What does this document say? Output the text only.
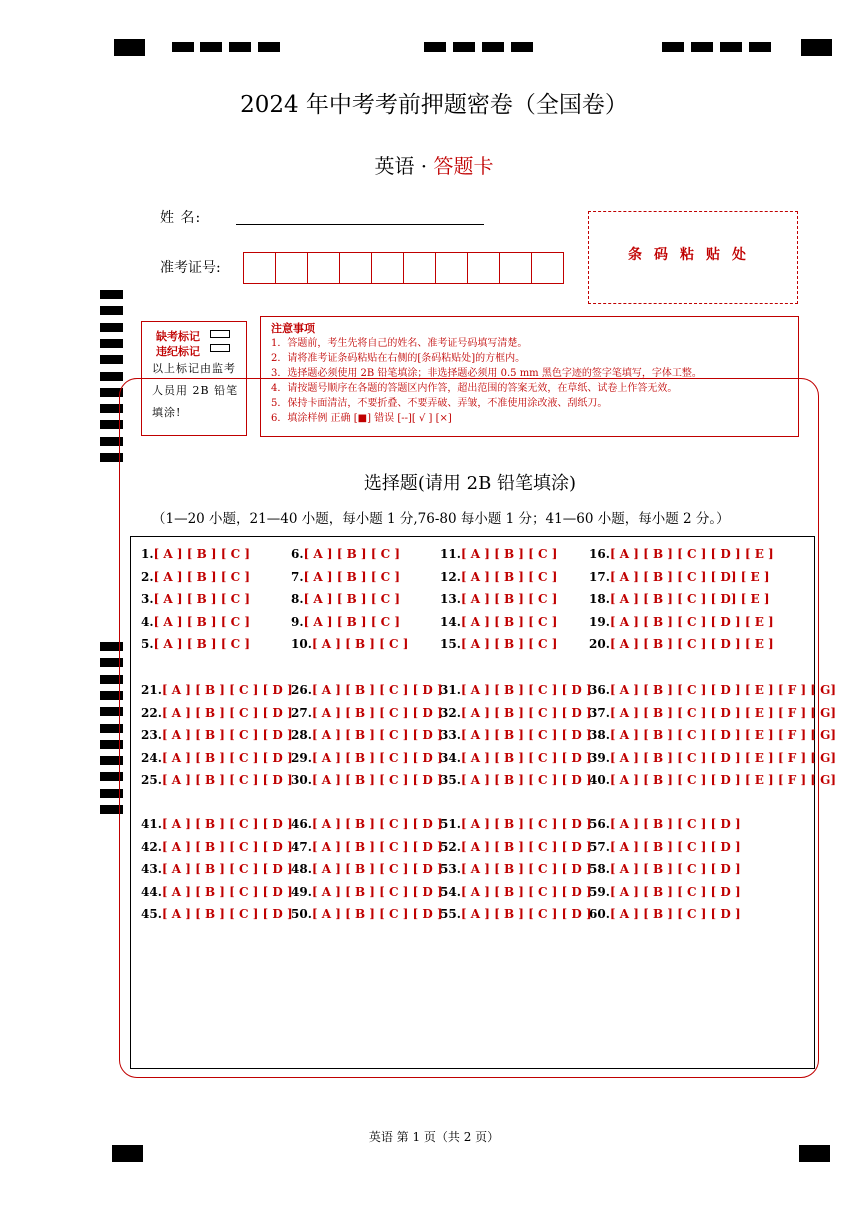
2024 年中考考前押题密卷（全国卷）
英语 · 答题卡
姓 名:
准考证号:
条码粘贴处
缺考标记
违纪标记
以上标记由监考人员用 2B 铅笔填涂!
注意事项
1．答题前，考生先将自己的姓名、准考证号码填写清楚。
2．请将准考证条码粘贴在右侧的[条码粘贴处]的方框内。
3．选择题必须使用 2B 铅笔填涂；非选择题必须用 0.5 mm 黑色字迹的签字笔填写，字体工整。
4．请按题号顺序在各题的答题区内作答，超出范围的答案无效，在草纸、试卷上作答无效。
5．保持卡面清洁，不要折叠、不要弄破、弄皱，不准使用涂改液、刮纸刀。
6．填涂样例 正确 [■] 错误 [--][ √ ] [×]
选择题(请用 2B 铅笔填涂)
（1—20 小题，21—40 小题，每小题 1 分,76-80 每小题 1 分；41—60 小题，每小题 2 分。）
1.[ A ] [ B ] [ C ]
2.[ A ] [ B ] [ C ]
3.[ A ] [ B ] [ C ]
4.[ A ] [ B ] [ C ]
5.[ A ] [ B ] [ C ]
6.[ A ] [ B ] [ C ]
7.[ A ] [ B ] [ C ]
8.[ A ] [ B ] [ C ]
9.[ A ] [ B ] [ C ]
10.[ A ] [ B ] [ C ]
11.[ A ] [ B ] [ C ]
12.[ A ] [ B ] [ C ]
13.[ A ] [ B ] [ C ]
14.[ A ] [ B ] [ C ]
15.[ A ] [ B ] [ C ]
16.[ A ] [ B ] [ C ] [ D ] [ E ]
17.[ A ] [ B ] [ C ] [ D] [ E ]
18.[ A ] [ B ] [ C ] [ D] [ E ]
19.[ A ] [ B ] [ C ] [ D ] [ E ]
20.[ A ] [ B ] [ C ] [ D ] [ E ]
21.[ A ] [ B ] [ C ] [ D ]
22.[ A ] [ B ] [ C ] [ D ]
23.[ A ] [ B ] [ C ] [ D ]
24.[ A ] [ B ] [ C ] [ D ]
25.[ A ] [ B ] [ C ] [ D ]
26.[ A ] [ B ] [ C ] [ D ]
27.[ A ] [ B ] [ C ] [ D ]
28.[ A ] [ B ] [ C ] [ D ]
29.[ A ] [ B ] [ C ] [ D ]
30.[ A ] [ B ] [ C ] [ D ]
31.[ A ] [ B ] [ C ] [ D ]
32.[ A ] [ B ] [ C ] [ D ]
33.[ A ] [ B ] [ C ] [ D ]
34.[ A ] [ B ] [ C ] [ D ]
35.[ A ] [ B ] [ C ] [ D ]
36.[ A ] [ B ] [ C ] [ D ] [ E ] [ F ] [ G]
37.[ A ] [ B ] [ C ] [ D ] [ E ] [ F ] [ G]
38.[ A ] [ B ] [ C ] [ D ] [ E ] [ F ] [ G]
39.[ A ] [ B ] [ C ] [ D ] [ E ] [ F ] [ G]
40.[ A ] [ B ] [ C ] [ D ] [ E ] [ F ] [ G]
41.[ A ] [ B ] [ C ] [ D ]
42.[ A ] [ B ] [ C ] [ D ]
43.[ A ] [ B ] [ C ] [ D ]
44.[ A ] [ B ] [ C ] [ D ]
45.[ A ] [ B ] [ C ] [ D ]
46.[ A ] [ B ] [ C ] [ D ]
47.[ A ] [ B ] [ C ] [ D ]
48.[ A ] [ B ] [ C ] [ D ]
49.[ A ] [ B ] [ C ] [ D ]
50.[ A ] [ B ] [ C ] [ D ]
51.[ A ] [ B ] [ C ] [ D ]
52.[ A ] [ B ] [ C ] [ D ]
53.[ A ] [ B ] [ C ] [ D ]
54.[ A ] [ B ] [ C ] [ D ]
55.[ A ] [ B ] [ C ] [ D ]
56.[ A ] [ B ] [ C ] [ D ]
57.[ A ] [ B ] [ C ] [ D ]
58.[ A ] [ B ] [ C ] [ D ]
59.[ A ] [ B ] [ C ] [ D ]
60.[ A ] [ B ] [ C ] [ D ]
英语 第 1 页（共 2 页）
